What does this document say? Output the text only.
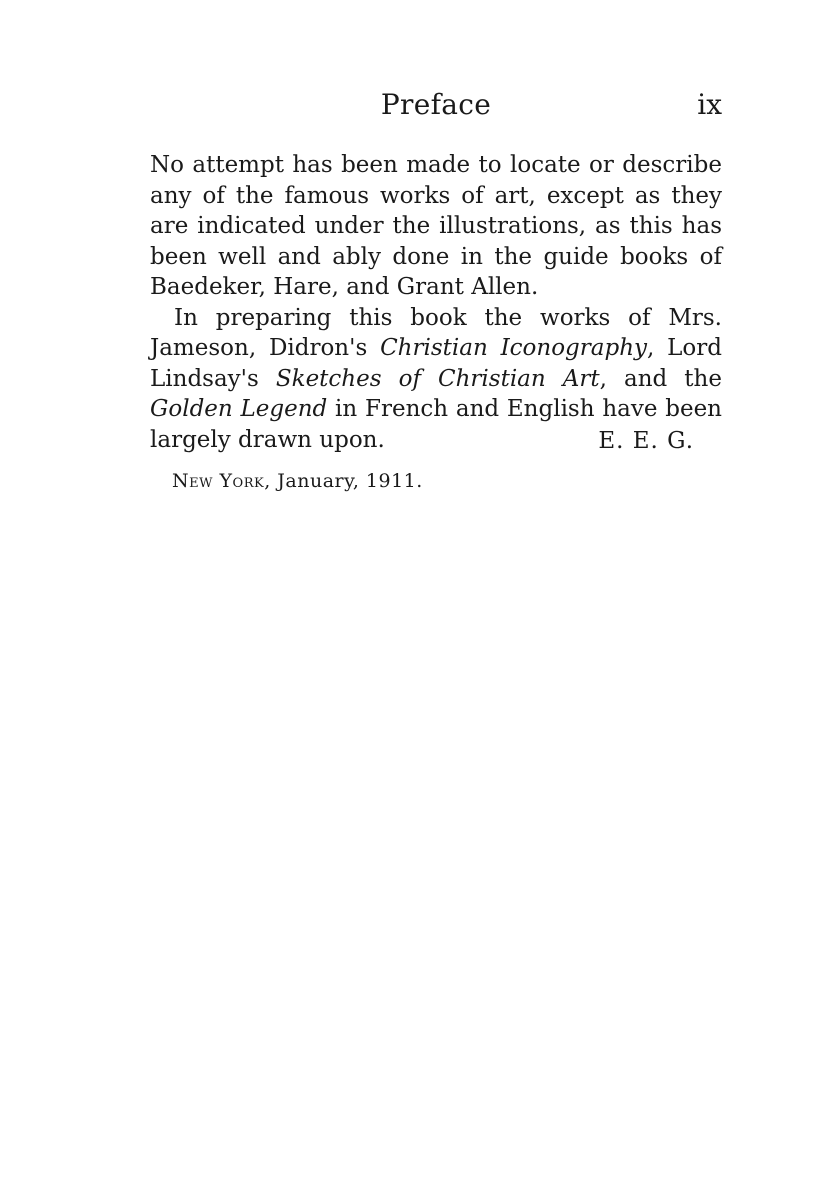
Preface	ix

No attempt has been made to locate or describe any of the famous works of art, except as they are indicated under the illustrations, as this has been well and ably done in the guide books of Baedeker, Hare, and Grant Allen.

In preparing this book the works of Mrs. Jameson, Didron's Christian Iconography, Lord Lindsay's Sketches of Christian Art, and the Golden Legend in French and English have been largely drawn upon.	E. E. G.
New York, January, 1911.
